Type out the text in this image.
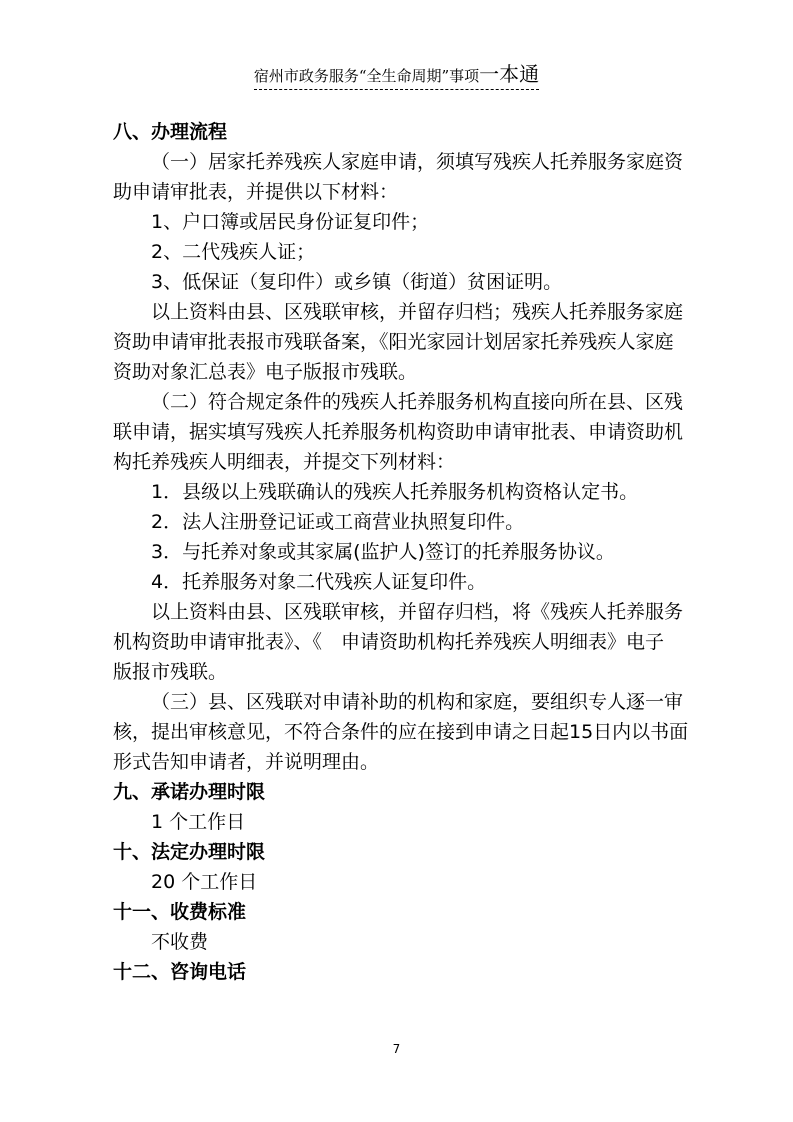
宿州市政务服务“全生命周期”事项一本通

八、办理流程

（一）居家托养残疾人家庭申请，须填写残疾人托养服务家庭资

助申请审批表，并提供以下材料：

1、户口簿或居民身份证复印件；

2、二代残疾人证；

3、低保证（复印件）或乡镇（街道）贫困证明。

以上资料由县、区残联审核，并留存归档；残疾人托养服务家庭

资助申请审批表报市残联备案，《阳光家园计划居家托养残疾人家庭

资助对象汇总表》电子版报市残联。

（二）符合规定条件的残疾人托养服务机构直接向所在县、区残

联申请，据实填写残疾人托养服务机构资助申请审批表、申请资助机

构托养残疾人明细表，并提交下列材料：

1．县级以上残联确认的残疾人托养服务机构资格认定书。

2．法人注册登记证或工商营业执照复印件。

3．与托养对象或其家属(监护人)签订的托养服务协议。

4．托养服务对象二代残疾人证复印件。

以上资料由县、区残联审核，并留存归档，将《残疾人托养服务

机构资助申请审批表》、《　申请资助机构托养残疾人明细表》电子

版报市残联。

（三）县、区残联对申请补助的机构和家庭，要组织专人逐一审

核，提出审核意见，不符合条件的应在接到申请之日起15日内以书面

形式告知申请者，并说明理由。

九、承诺办理时限

1 个工作日

十、法定办理时限

20 个工作日

十一、收费标准

不收费

十二、咨询电话

7
